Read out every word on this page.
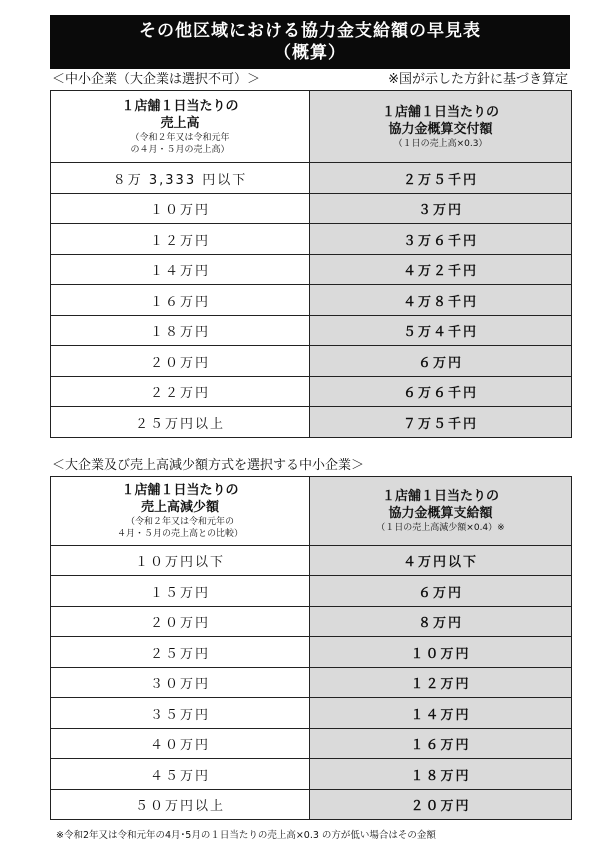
その他区域における協力金支給額の早見表
（概算）
＜中小企業（大企業は選択不可）＞	※国が示した方針に基づき算定
１店舗１日当たりの
売上高
（令和２年又は令和元年
の４月・５月の売上高）	１店舗１日当たりの
協力金概算交付額
（１日の売上高×0.3）

８万 3,333 円以下	２万５千円
１０万円	３万円
１２万円	３万６千円
１４万円	４万２千円
１６万円	４万８千円
１８万円	５万４千円
２０万円	６万円
２２万円	６万６千円
２５万円以上	７万５千円
＜大企業及び売上高減少額方式を選択する中小企業＞
１店舗１日当たりの
売上高減少額
（令和２年又は令和元年の
４月・５月の売上高との比較）	１店舗１日当たりの
協力金概算支給額
（１日の売上高減少額×0.4）※

１０万円以下	４万円以下
１５万円	６万円
２０万円	８万円
２５万円	１０万円
３０万円	１２万円
３５万円	１４万円
４０万円	１６万円
４５万円	１８万円
５０万円以上	２０万円
※令和2年又は令和元年の4月･5月の１日当たりの売上高×0.3 の方が低い場合はその金額
